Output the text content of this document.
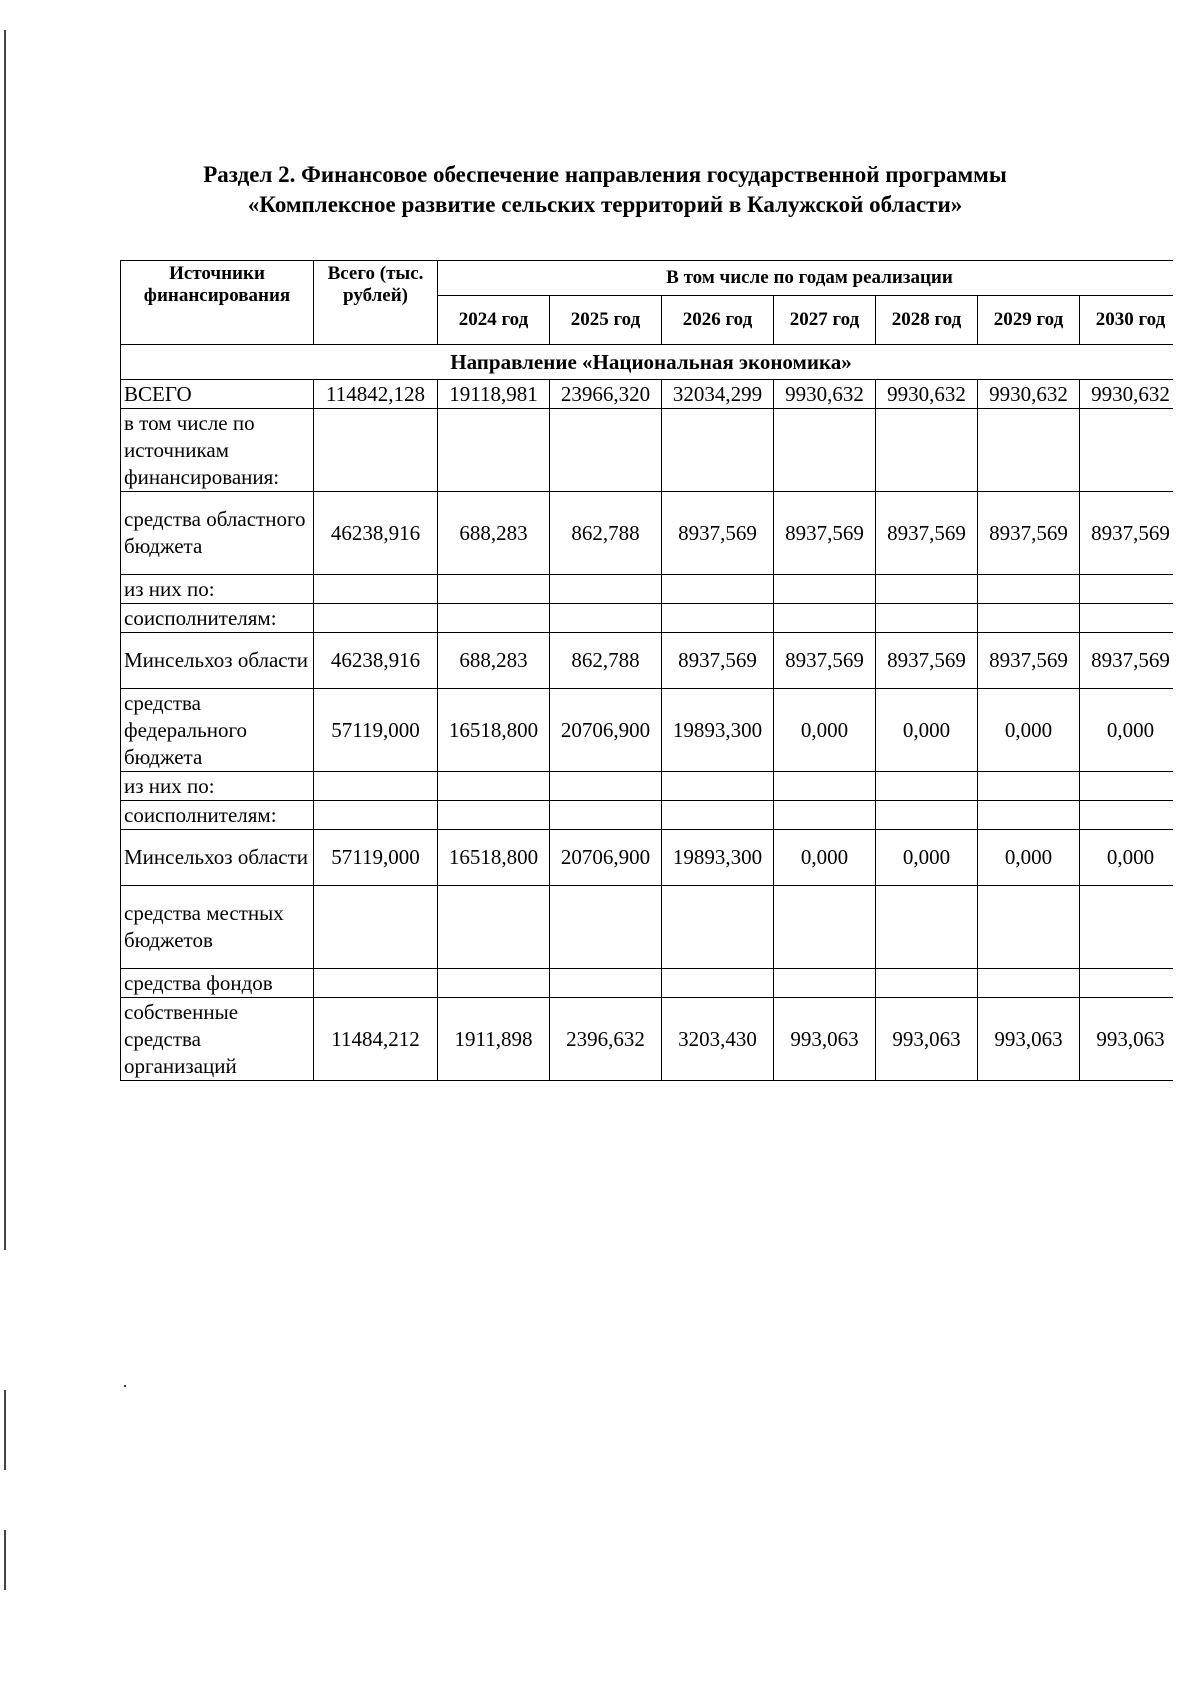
Раздел 2. Финансовое обеспечение направления государственной программы
«Комплексное развитие сельских территорий в Калужской области»
Источники финансирования	Всего (тыс. рублей)	В том числе по годам реализации						
		2024 год	2025 год	2026 год	2027 год	2028 год	2029 год	2030 год
Направление «Национальная экономика»								
ВСЕГО	114842,128	19118,981	23966,320	32034,299	9930,632	9930,632	9930,632	9930,632
в том числе по источникам финансирования:								
средства областного бюджета	46238,916	688,283	862,788	8937,569	8937,569	8937,569	8937,569	8937,569
из них по:								
соисполнителям:								
Минсельхоз области	46238,916	688,283	862,788	8937,569	8937,569	8937,569	8937,569	8937,569
средства федерального бюджета	57119,000	16518,800	20706,900	19893,300	0,000	0,000	0,000	0,000
из них по:								
соисполнителям:								
Минсельхоз области	57119,000	16518,800	20706,900	19893,300	0,000	0,000	0,000	0,000
средства местных бюджетов								
средства фондов								
собственные средства организаций	11484,212	1911,898	2396,632	3203,430	993,063	993,063	993,063	993,063
